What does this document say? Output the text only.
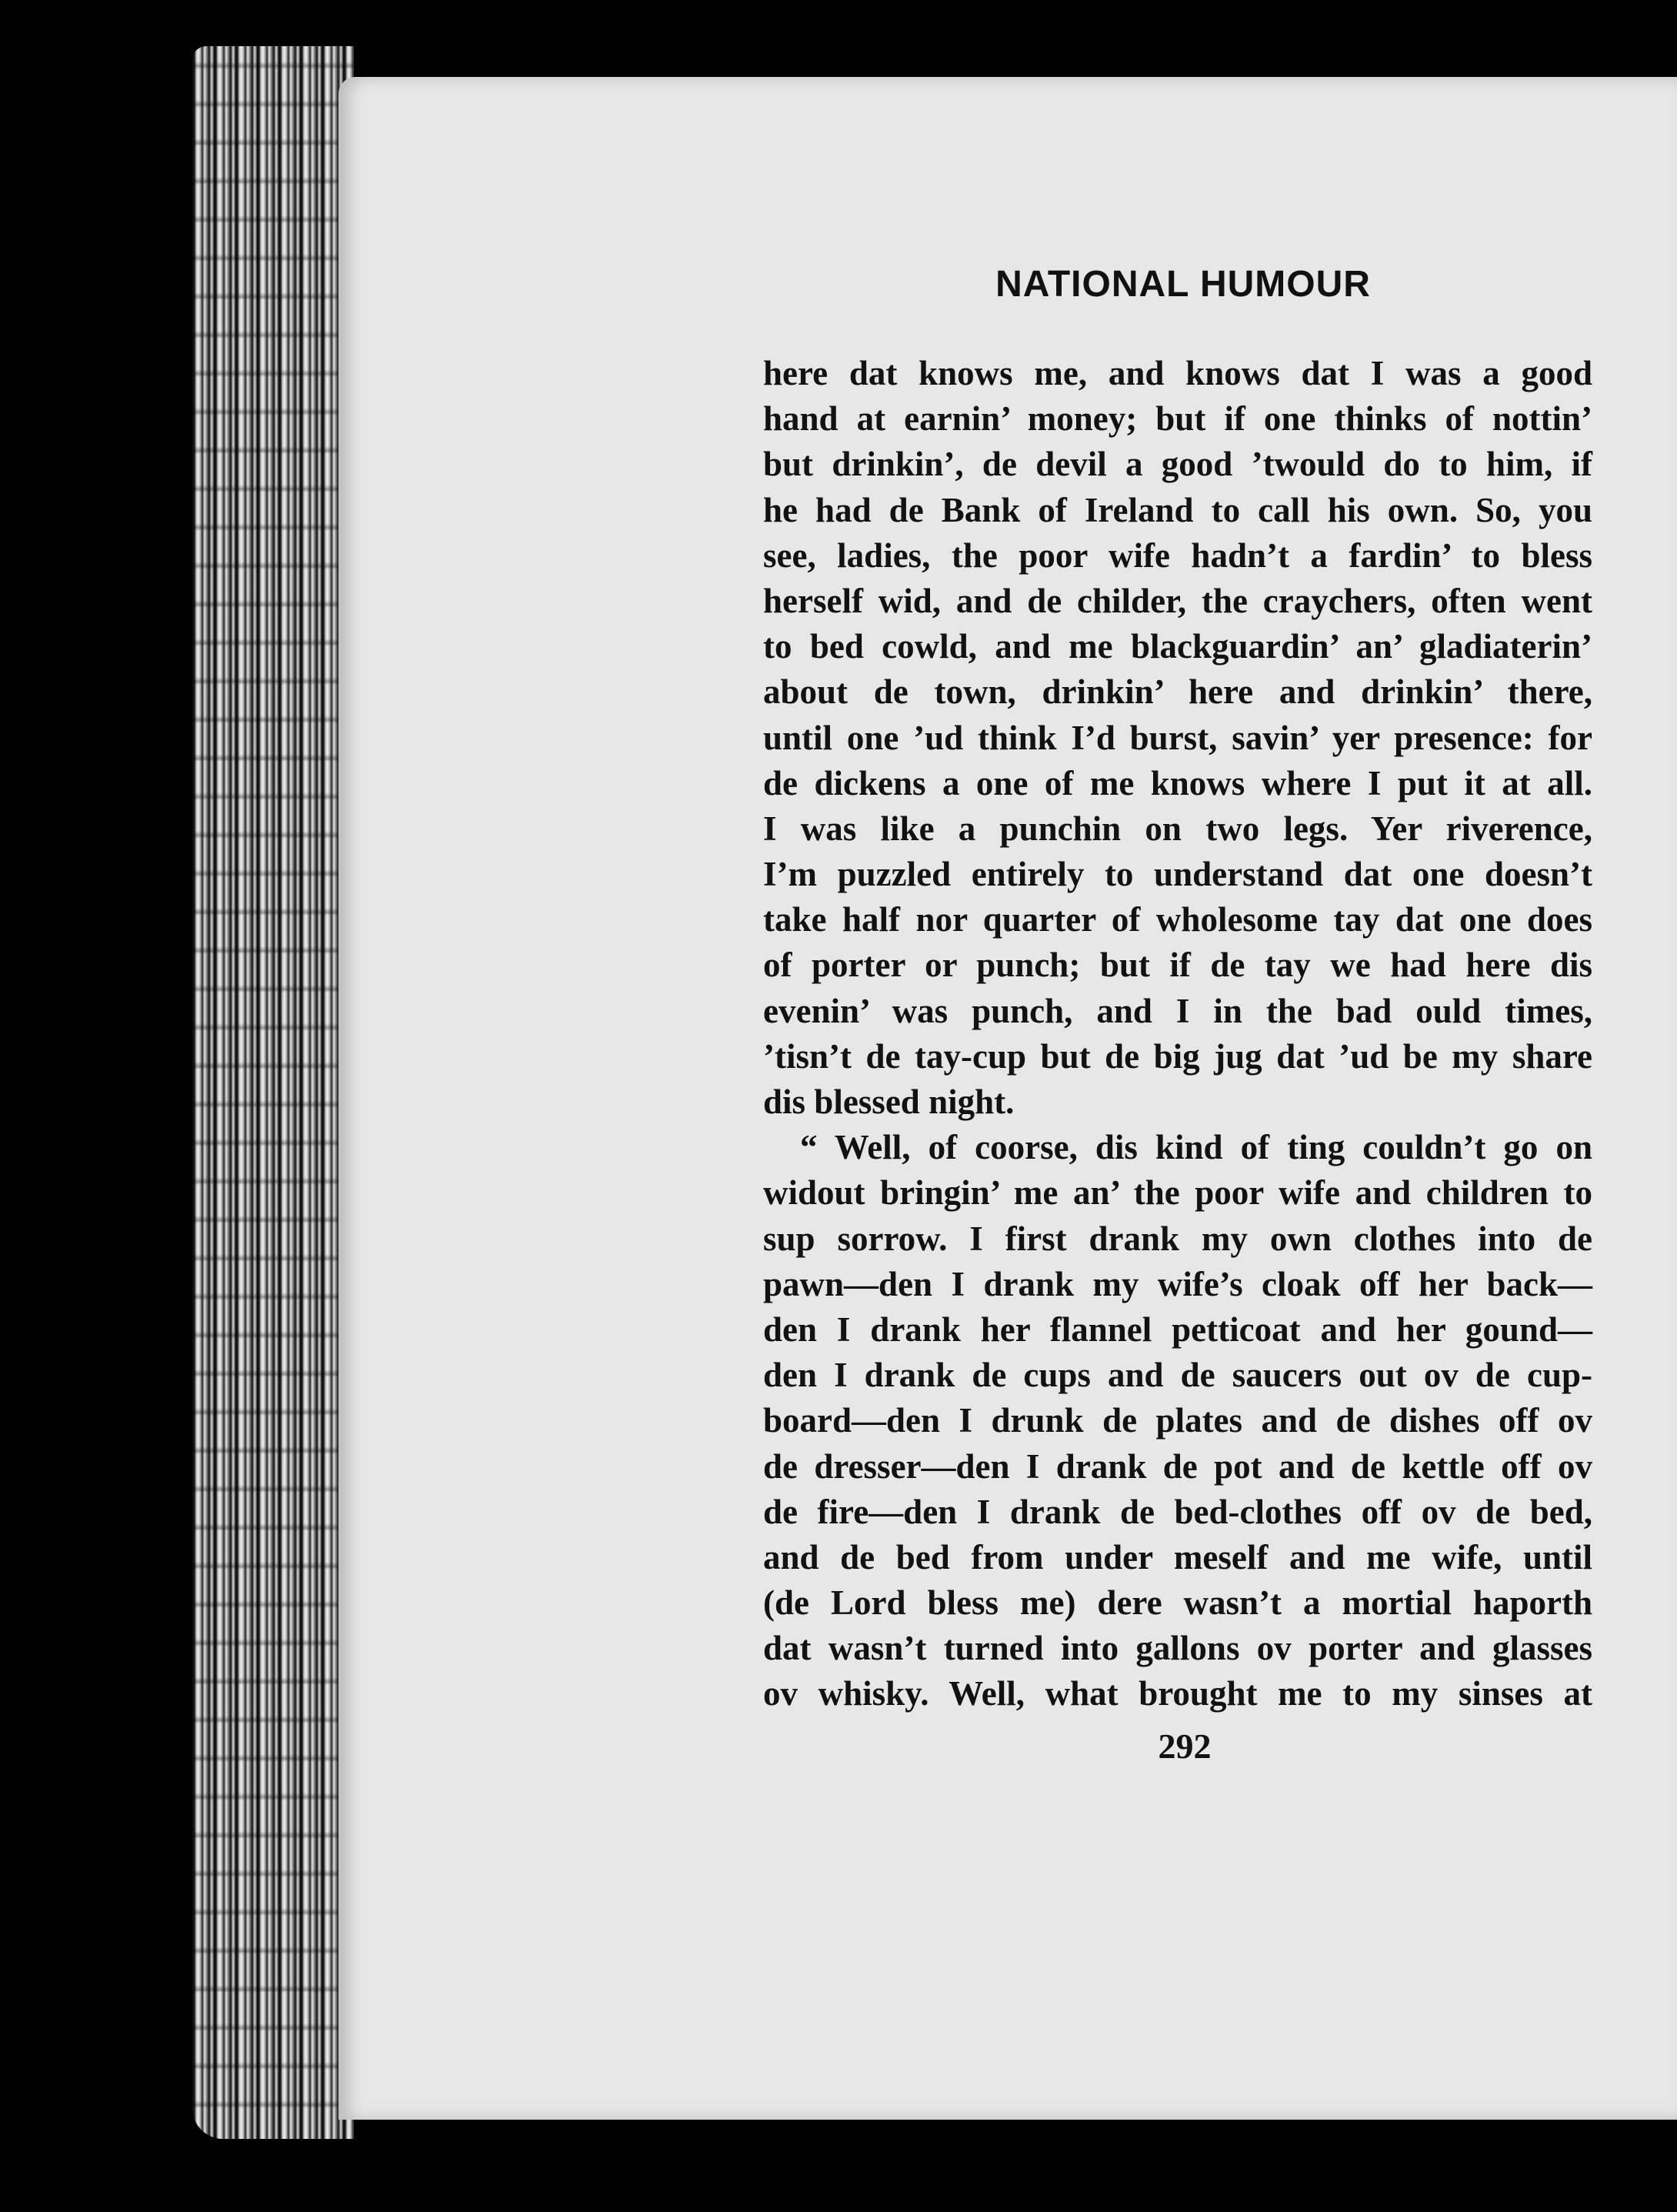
NATIONAL HUMOUR
here dat knows me, and knows dat I was a good
hand at earnin’ money; but if one thinks of nottin’
but drinkin’, de devil a good ’twould do to him, if
he had de Bank of Ireland to call his own. So, you
see, ladies, the poor wife hadn’t a fardin’ to bless
herself wid, and de childer, the craychers, often went
to bed cowld, and me blackguardin’ an’ gladiaterin’
about de town, drinkin’ here and drinkin’ there,
until one ’ud think I’d burst, savin’ yer presence: for
de dickens a one of me knows where I put it at all.
I was like a punchin on two legs. Yer riverence,
I’m puzzled entirely to understand dat one doesn’t
take half nor quarter of wholesome tay dat one does
of porter or punch; but if de tay we had here dis
evenin’ was punch, and I in the bad ould times,
’tisn’t de tay-cup but de big jug dat ’ud be my share
dis blessed night.
“ Well, of coorse, dis kind of ting couldn’t go on
widout bringin’ me an’ the poor wife and children to
sup sorrow. I first drank my own clothes into de
pawn—den I drank my wife’s cloak off her back—
den I drank her flannel petticoat and her gound—
den I drank de cups and de saucers out ov de cup-
board—den I drunk de plates and de dishes off ov
de dresser—den I drank de pot and de kettle off ov
de fire—den I drank de bed-clothes off ov de bed,
and de bed from under meself and me wife, until
(de Lord bless me) dere wasn’t a mortial haporth
dat wasn’t turned into gallons ov porter and glasses
ov whisky. Well, what brought me to my sinses at
292
